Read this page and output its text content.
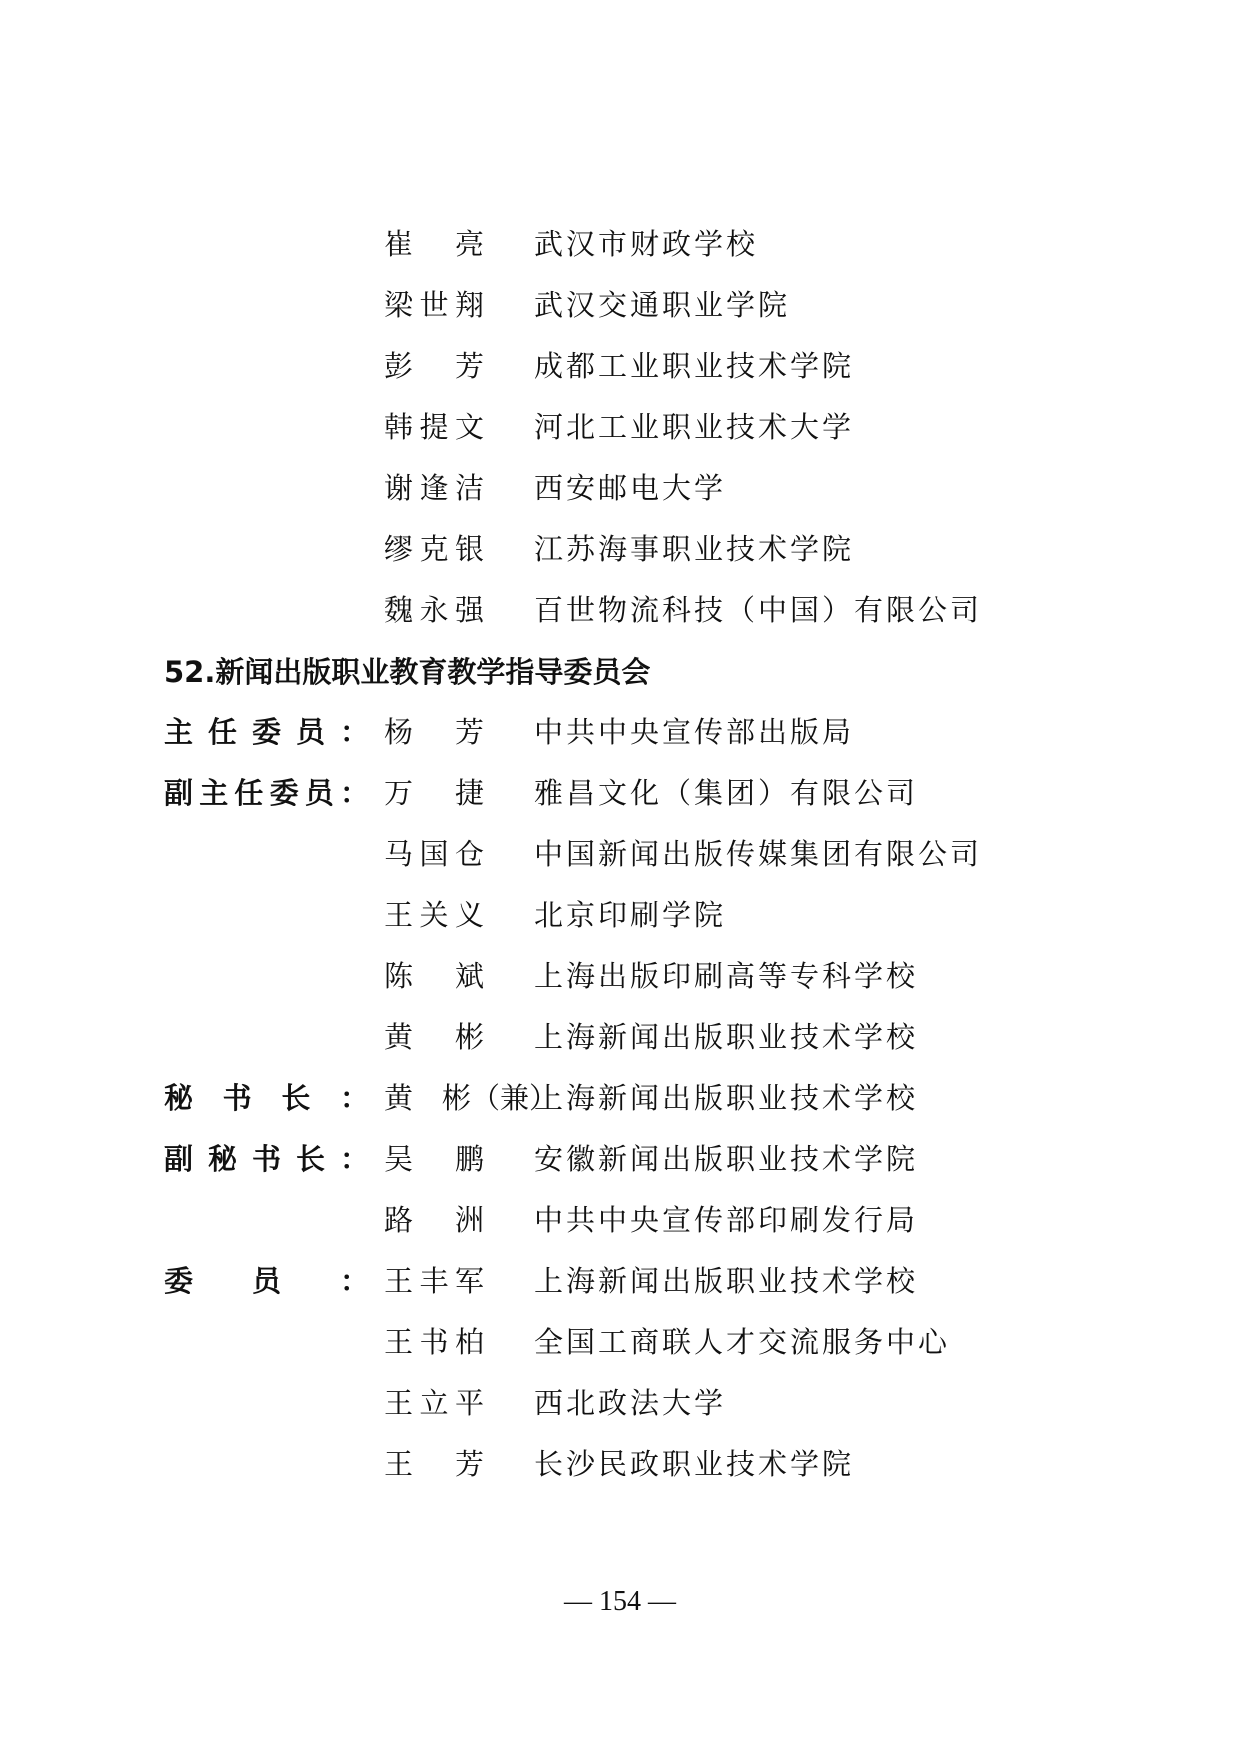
崔 亮 武汉市财政学校
梁 世 翔 武汉交通职业学院
彭 芳 成都工业职业技术学院
韩 提 文 河北工业职业技术大学
谢 逢 洁 西安邮电大学
缪 克 银 江苏海事职业技术学院
魏 永 强 百世物流科技（中国）有限公司
52.新闻出版职业教育教学指导委员会
主 任 委 员 ： 杨 芳 中共中央宣传部出版局
副 主 任 委 员 ： 万 捷 雅昌文化（集团）有限公司
马 国 仓 中国新闻出版传媒集团有限公司
王 关 义 北京印刷学院
陈 斌 上海出版印刷高等专科学校
黄 彬 上海新闻出版职业技术学校
秘 书 长 ： 黄　彬（兼）
上海新闻出版职业技术学校
副 秘 书 长 ： 吴 鹏 安徽新闻出版职业技术学院
路 洲 中共中央宣传部印刷发行局
委 员 ： 王 丰 军 上海新闻出版职业技术学校
王 书 柏 全国工商联人才交流服务中心
王 立 平 西北政法大学
王 芳 长沙民政职业技术学院
— 154 —
